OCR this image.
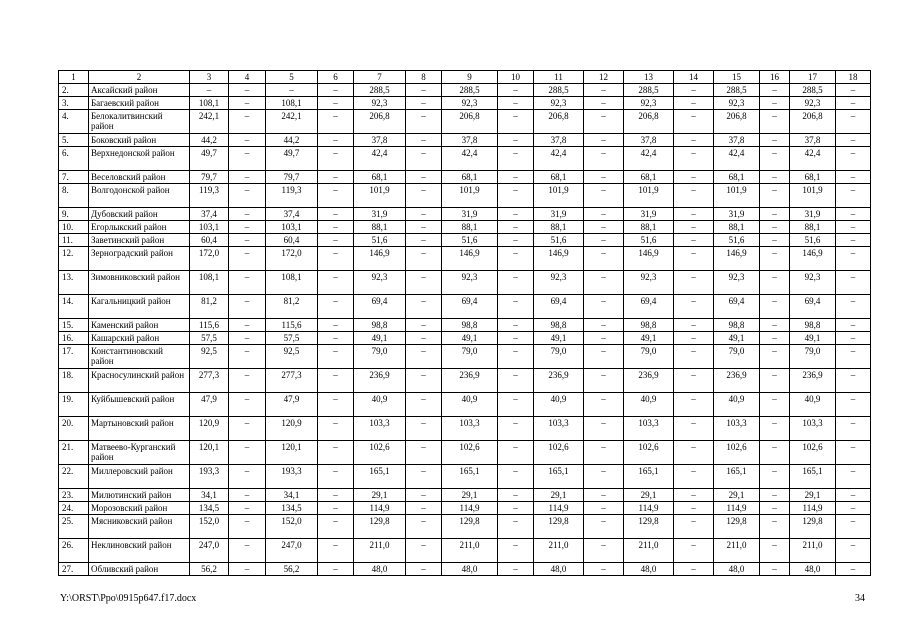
1	2	3	4	5	6	7	8	9	10	11	12	13	14	15	16	17	18
2.	Аксайский район	–	–	–	–	288,5	–	288,5	–	288,5	–	288,5	–	288,5	–	288,5	–
3.	Багаевский район	108,1	–	108,1	–	92,3	–	92,3	–	92,3	–	92,3	–	92,3	–	92,3	–
4.	Белокалитвинский район	242,1	–	242,1	–	206,8	–	206,8	–	206,8	–	206,8	–	206,8	–	206,8	–
5.	Боковский район	44,2	–	44,2	–	37,8	–	37,8	–	37,8	–	37,8	–	37,8	–	37,8	–
6.	Верхнедонской район	49,7	–	49,7	–	42,4	–	42,4	–	42,4	–	42,4	–	42,4	–	42,4	–
7.	Веселовский район	79,7	–	79,7	–	68,1	–	68,1	–	68,1	–	68,1	–	68,1	–	68,1	–
8.	Волгодонской район	119,3	–	119,3	–	101,9	–	101,9	–	101,9	–	101,9	–	101,9	–	101,9	–
9.	Дубовский район	37,4	–	37,4	–	31,9	–	31,9	–	31,9	–	31,9	–	31,9	–	31,9	–
10.	Егорлыкский район	103,1	–	103,1	–	88,1	–	88,1	–	88,1	–	88,1	–	88,1	–	88,1	–
11.	Заветинский район	60,4	–	60,4	–	51,6	–	51,6	–	51,6	–	51,6	–	51,6	–	51,6	–
12.	Зерноградский район	172,0	–	172,0	–	146,9	–	146,9	–	146,9	–	146,9	–	146,9	–	146,9	–
13.	Зимовниковский район	108,1	–	108,1	–	92,3	–	92,3	–	92,3	–	92,3	–	92,3	–	92,3	–
14.	Кагальницкий район	81,2	–	81,2	–	69,4	–	69,4	–	69,4	–	69,4	–	69,4	–	69,4	–
15.	Каменский район	115,6	–	115,6	–	98,8	–	98,8	–	98,8	–	98,8	–	98,8	–	98,8	–
16.	Кашарский район	57,5	–	57,5	–	49,1	–	49,1	–	49,1	–	49,1	–	49,1	–	49,1	–
17.	Константиновский район	92,5	–	92,5	–	79,0	–	79,0	–	79,0	–	79,0	–	79,0	–	79,0	–
18.	Красносулинский район	277,3	–	277,3	–	236,9	–	236,9	–	236,9	–	236,9	–	236,9	–	236,9	–
19.	Куйбышевский район	47,9	–	47,9	–	40,9	–	40,9	–	40,9	–	40,9	–	40,9	–	40,9	–
20.	Мартыновский район	120,9	–	120,9	–	103,3	–	103,3	–	103,3	–	103,3	–	103,3	–	103,3	–
21.	Матвеево-Курганский район	120,1	–	120,1	–	102,6	–	102,6	–	102,6	–	102,6	–	102,6	–	102,6	–
22.	Миллеровский район	193,3	–	193,3	–	165,1	–	165,1	–	165,1	–	165,1	–	165,1	–	165,1	–
23.	Милютинский район	34,1	–	34,1	–	29,1	–	29,1	–	29,1	–	29,1	–	29,1	–	29,1	–
24.	Морозовский район	134,5	–	134,5	–	114,9	–	114,9	–	114,9	–	114,9	–	114,9	–	114,9	–
25.	Мясниковский район	152,0	–	152,0	–	129,8	–	129,8	–	129,8	–	129,8	–	129,8	–	129,8	–
26.	Неклиновский район	247,0	–	247,0	–	211,0	–	211,0	–	211,0	–	211,0	–	211,0	–	211,0	–
27.	Обливский район	56,2	–	56,2	–	48,0	–	48,0	–	48,0	–	48,0	–	48,0	–	48,0	–
Y:\ORST\Ppo\0915p647.f17.docx	34
